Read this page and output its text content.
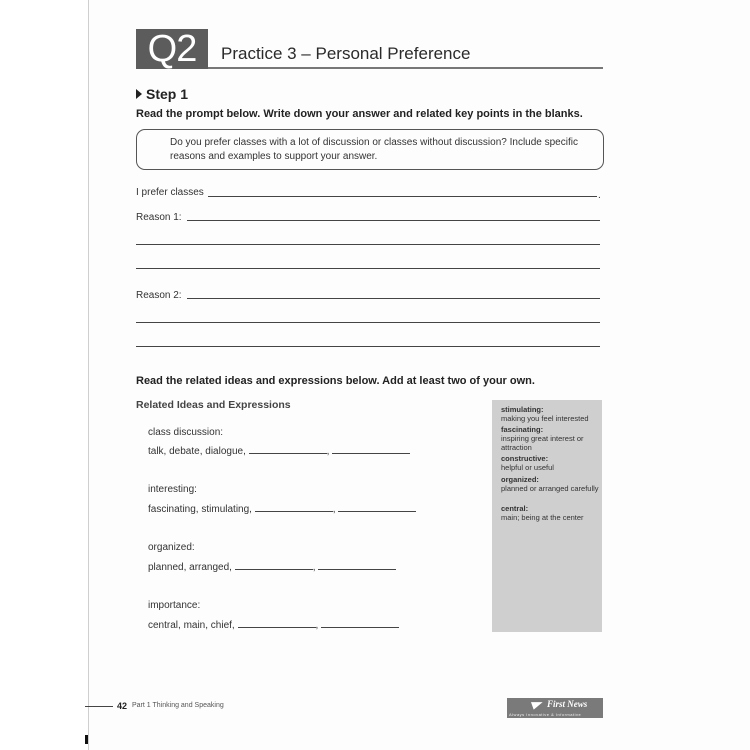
Q2	Practice 3 – Personal Preference
Step 1
Read the prompt below. Write down your answer and related key points in the blanks.
Do you prefer classes with a lot of discussion or classes without discussion? Include specific reasons and examples to support your answer.
I prefer classes	.
Reason 1:
Reason 2:
Read the related ideas and expressions below. Add at least two of your own.
Related Ideas and Expressions
class discussion:
talk, debate, dialogue,	,
interesting:
fascinating, stimulating,	,
organized:
planned, arranged,	,
importance:
central, main, chief,	,
stimulating:
making you feel interested
fascinating:
inspiring great interest or attraction
constructive:
helpful or useful
organized:
planned or arranged carefully
central:
main; being at the center
42 Part 1 Thinking and Speaking	First News
Always Innovative & Informative
